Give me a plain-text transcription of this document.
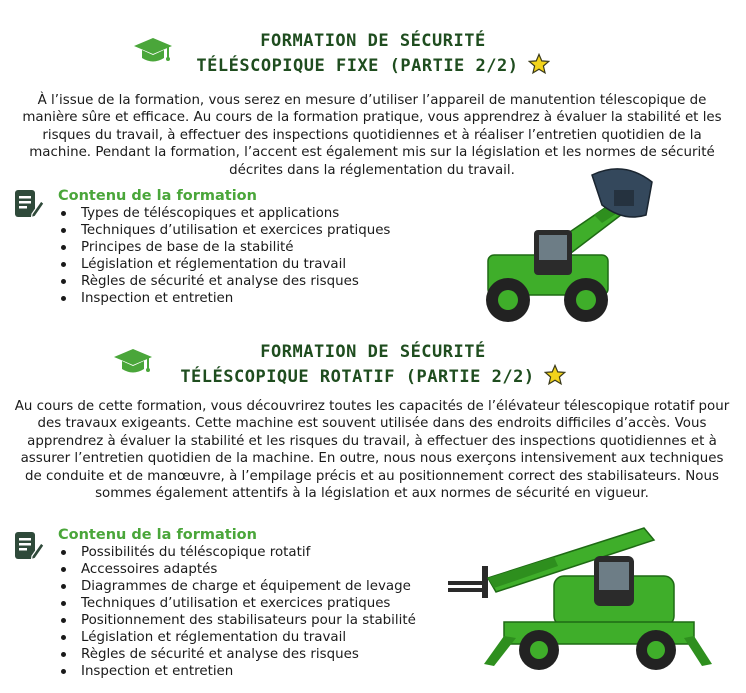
FORMATION DE SÉCURITÉ
TÉLÉSCOPIQUE FIXE (PARTIE 2/2)
À l’issue de la formation, vous serez en mesure d’utiliser l’appareil de manutention télescopique de manière sûre et efficace. Au cours de la formation pratique, vous apprendrez à évaluer la stabilité et les risques du travail, à effectuer des inspections quotidiennes et à réaliser l’entretien quotidien de la machine. Pendant la formation, l’accent est également mis sur la législation et les normes de sécurité décrites dans la réglementation du travail.
Contenu de la formation
Types de téléscopiques et applications
Techniques d’utilisation et exercices pratiques
Principes de base de la stabilité
Législation et réglementation du travail
Règles de sécurité et analyse des risques
Inspection et entretien
FORMATION DE SÉCURITÉ
TÉLÉSCOPIQUE ROTATIF (PARTIE 2/2)
Au cours de cette formation, vous découvrirez toutes les capacités de l’élévateur télescopique rotatif pour des travaux exigeants. Cette machine est souvent utilisée dans des endroits difficiles d’accès. Vous apprendrez à évaluer la stabilité et les risques du travail, à effectuer des inspections quotidiennes et à assurer l’entretien quotidien de la machine. En outre, nous nous exerçons intensivement aux techniques de conduite et de manœuvre, à l’empilage précis et au positionnement correct des stabilisateurs. Nous sommes également attentifs à la législation et aux normes de sécurité en vigueur.
Contenu de la formation
Possibilités du téléscopique rotatif
Accessoires adaptés
Diagrammes de charge et équipement de levage
Techniques d’utilisation et exercices pratiques
Positionnement des stabilisateurs pour la stabilité
Législation et réglementation du travail
Règles de sécurité et analyse des risques
Inspection et entretien
